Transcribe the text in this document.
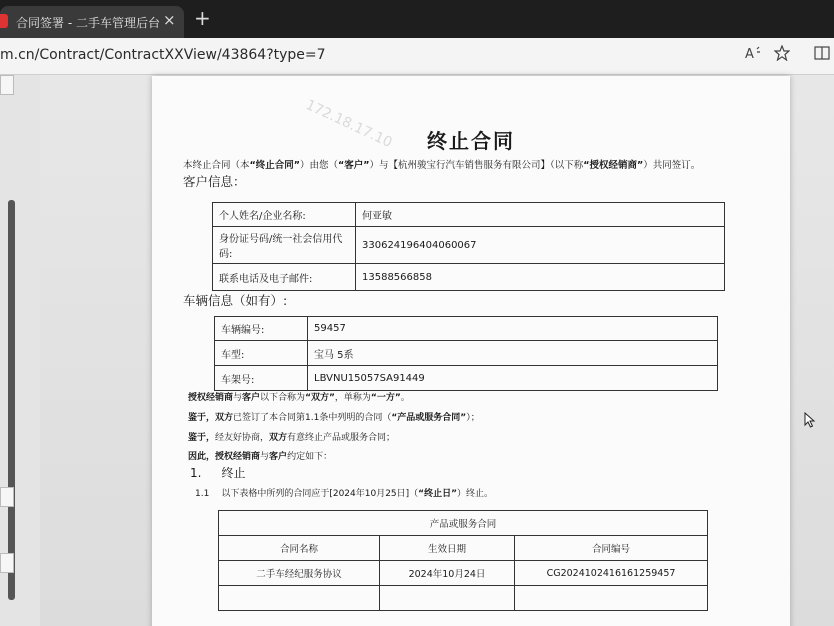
合同签署 - 二手车管理后台 × +
m.cn/Contract/ContractXXView/43864?type=7	A
172.18.17.10	终止合同
本终止合同（本“终止合同”）由您（“客户”）与【杭州骏宝行汽车销售服务有限公司】（以下称“授权经销商”）共同签订。
客户信息：
个人姓名/企业名称:	何亚敏
身份证号码/统一社会信用代码:	330624196404060067
联系电话及电子邮件:	13588566858
车辆信息（如有）:
车辆编号:	59457
车型:	宝马 5系
车架号:	LBVNU15057SA91449
授权经销商与客户以下合称为“双方”，单称为“一方”。
鉴于，双方已签订了本合同第1.1条中列明的合同（“产品或服务合同”）；
鉴于，经友好协商，双方有意终止产品或服务合同；
因此，授权经销商与客户约定如下：
1. 终止
1.1 以下表格中所列的合同应于[2024年10月25日]（“终止日”）终止。
产品或服务合同		
合同名称	生效日期	合同编号
二手车经纪服务协议	2024年10月24日	CG2024102416161259457
